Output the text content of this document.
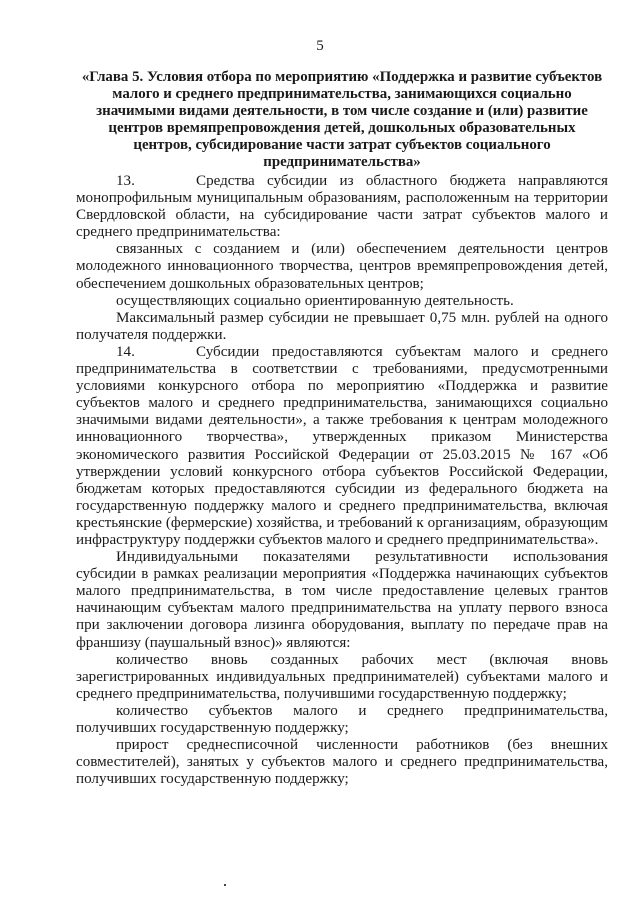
5
«Глава 5. Условия отбора по мероприятию «Поддержка и развитие субъектов
малого и среднего предпринимательства, занимающихся социально
значимыми видами деятельности, в том числе создание и (или) развитие
центров времяпрепровождения детей, дошкольных образовательных
центров, субсидирование части затрат субъектов социального
предпринимательства»

13.	Средства субсидии из областного бюджета направляются монопрофильным муниципальным образованиям, расположенным на территории Свердловской области, на субсидирование части затрат субъектов малого и среднего предпринимательства:

связанных с созданием и (или) обеспечением деятельности центров молодежного инновационного творчества, центров времяпрепровождения детей, обеспечением дошкольных образовательных центров;

осуществляющих социально ориентированную деятельность.

Максимальный размер субсидии не превышает 0,75 млн. рублей на одного получателя поддержки.

14.	Субсидии предоставляются субъектам малого и среднего предпринимательства в соответствии с требованиями, предусмотренными условиями конкурсного отбора по мероприятию «Поддержка и развитие субъектов малого и среднего предпринимательства, занимающихся социально значимыми видами деятельности», а также требования к центрам молодежного инновационного творчества», утвержденных приказом Министерства экономического развития Российской Федерации от 25.03.2015 № 167 «Об утверждении условий конкурсного отбора субъектов Российской Федерации, бюджетам которых предоставляются субсидии из федерального бюджета на государственную поддержку малого и среднего предпринимательства, включая крестьянские (фермерские) хозяйства, и требований к организациям, образующим инфраструктуру поддержки субъектов малого и среднего предпринимательства».

Индивидуальными показателями результативности использования субсидии в рамках реализации мероприятия «Поддержка начинающих субъектов малого предпринимательства, в том числе предоставление целевых грантов начинающим субъектам малого предпринимательства на уплату первого взноса при заключении договора лизинга оборудования, выплату по передаче прав на франшизу (паушальный взнос)» являются:

количество вновь созданных рабочих мест (включая вновь зарегистрированных индивидуальных предпринимателей) субъектами малого и среднего предпринимательства, получившими государственную поддержку;

количество субъектов малого и среднего предпринимательства, получивших государственную поддержку;

прирост среднесписочной численности работников (без внешних совместителей), занятых у субъектов малого и среднего предпринимательства, получивших государственную поддержку;
